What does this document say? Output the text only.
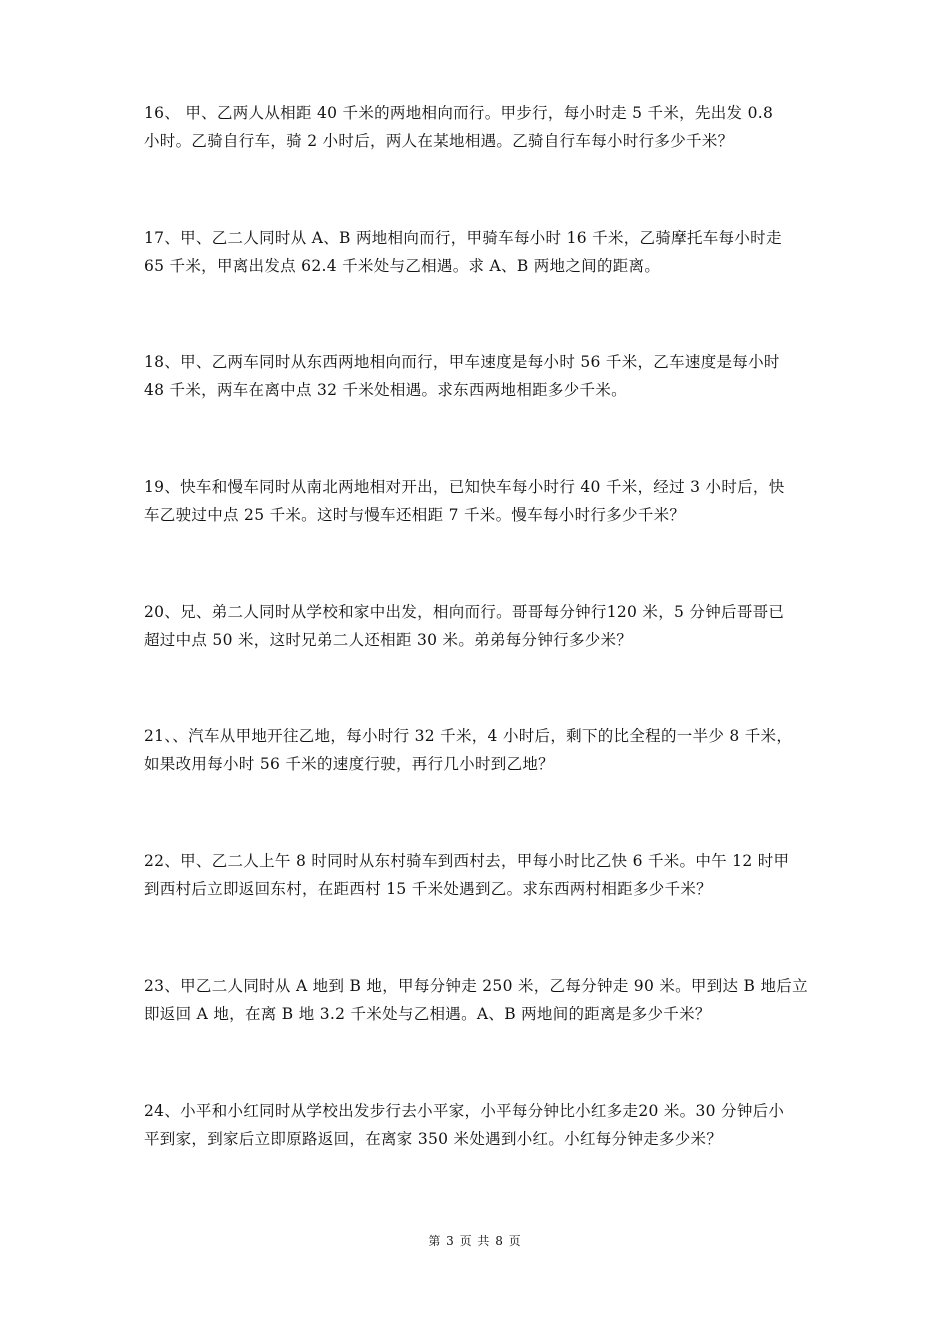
16、 甲、乙两人从相距 40 千米的两地相向而行。甲步行，每小时走 5 千米，先出发 0.8
小时。乙骑自行车，骑 2 小时后，两人在某地相遇。乙骑自行车每小时行多少千米？
17、甲、乙二人同时从 A、B 两地相向而行，甲骑车每小时 16 千米，乙骑摩托车每小时走
65 千米，甲离出发点 62.4 千米处与乙相遇。求 A、B 两地之间的距离。
18、甲、乙两车同时从东西两地相向而行，甲车速度是每小时 56 千米，乙车速度是每小时
48 千米，两车在离中点 32 千米处相遇。求东西两地相距多少千米。
19、快车和慢车同时从南北两地相对开出，已知快车每小时行 40 千米，经过 3 小时后，快
车乙驶过中点 25 千米。这时与慢车还相距 7 千米。慢车每小时行多少千米？
20、兄、弟二人同时从学校和家中出发，相向而行。哥哥每分钟行120 米，5 分钟后哥哥已
超过中点 50 米，这时兄弟二人还相距 30 米。弟弟每分钟行多少米？
21、、汽车从甲地开往乙地，每小时行 32 千米，4 小时后，剩下的比全程的一半少 8 千米，
如果改用每小时 56 千米的速度行驶，再行几小时到乙地？
22、甲、乙二人上午 8 时同时从东村骑车到西村去，甲每小时比乙快 6 千米。中午 12 时甲
到西村后立即返回东村，在距西村 15 千米处遇到乙。求东西两村相距多少千米？
23、甲乙二人同时从 A 地到 B 地，甲每分钟走 250 米，乙每分钟走 90 米。甲到达 B 地后立
即返回 A 地，在离 B 地 3.2 千米处与乙相遇。A、B 两地间的距离是多少千米？
24、小平和小红同时从学校出发步行去小平家，小平每分钟比小红多走20 米。30 分钟后小
平到家，到家后立即原路返回，在离家 350 米处遇到小红。小红每分钟走多少米？
第 3 页 共 8 页
